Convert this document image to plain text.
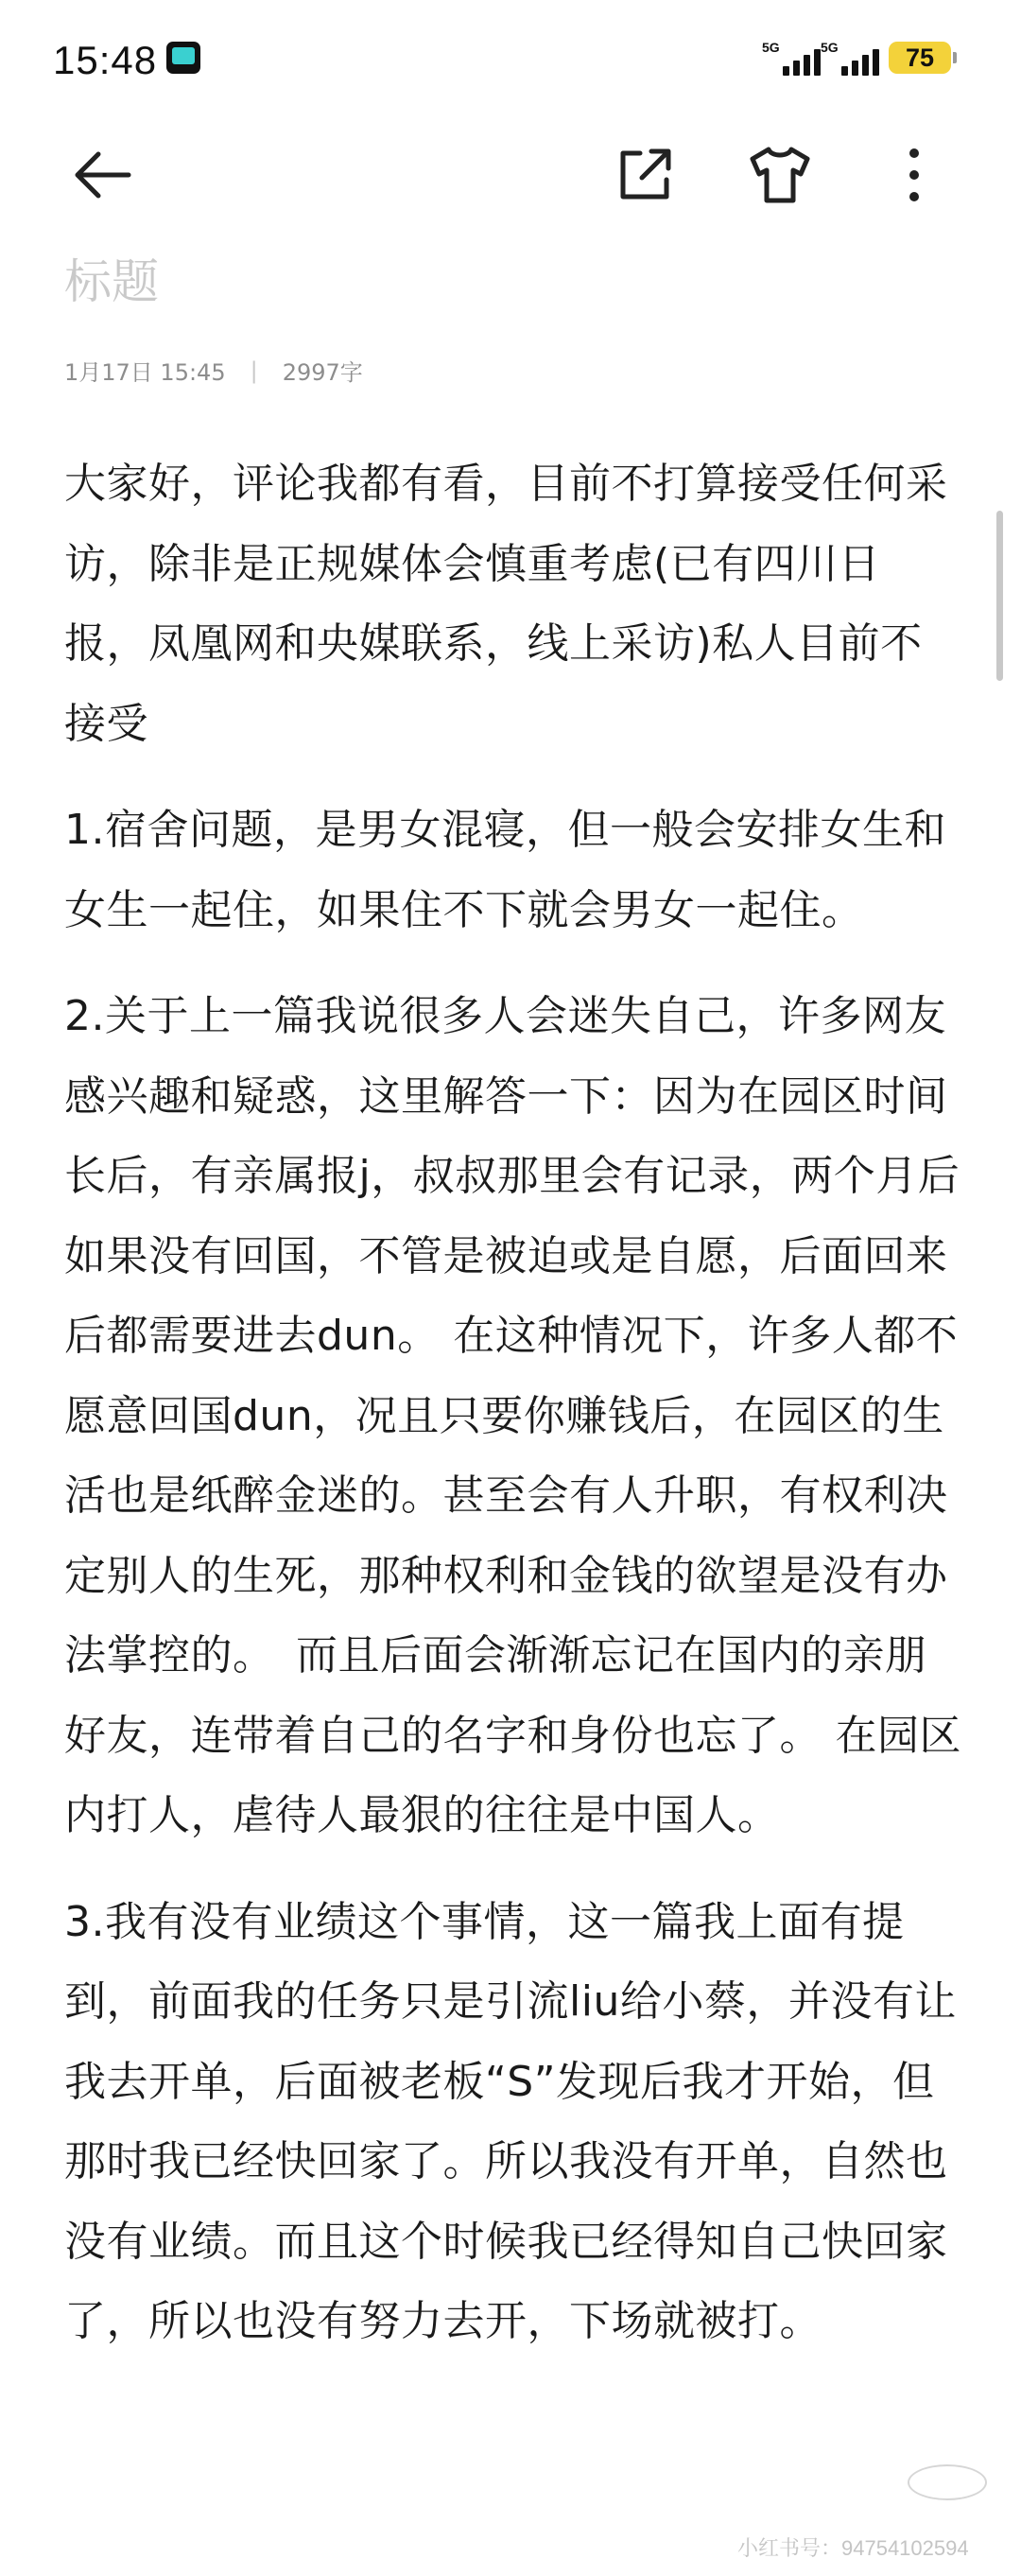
15:48	5G	5G	75
标题
1月17日 15:45 | 2997字

大家好，评论我都有看，目前不打算接受任何采访，除非是正规媒体会慎重考虑(已有四川日报，凤凰网和央媒联系，线上采访)私人目前不接受

1.宿舍问题，是男女混寝，但一般会安排女生和女生一起住，如果住不下就会男女一起住。

2.关于上一篇我说很多人会迷失自己，许多网友感兴趣和疑惑，这里解答一下：因为在园区时间长后，有亲属报j，叔叔那里会有记录，两个月后如果没有回国，不管是被迫或是自愿，后面回来后都需要进去dun。 在这种情况下，许多人都不愿意回国dun，况且只要你赚钱后，在园区的生活也是纸醉金迷的。甚至会有人升职，有权利决定别人的生死，那种权利和金钱的欲望是没有办法掌控的。　而且后面会渐渐忘记在国内的亲朋好友，连带着自己的名字和身份也忘了。 在园区内打人，虐待人最狠的往往是中国人。

3.我有没有业绩这个事情，这一篇我上面有提到，前面我的任务只是引流liu给小蔡，并没有让我去开单，后面被老板“S”发现后我才开始，但那时我已经快回家了。所以我没有开单，自然也没有业绩。而且这个时候我已经得知自己快回家了，所以也没有努力去开，下场就被打。

小红书号：94754102594
